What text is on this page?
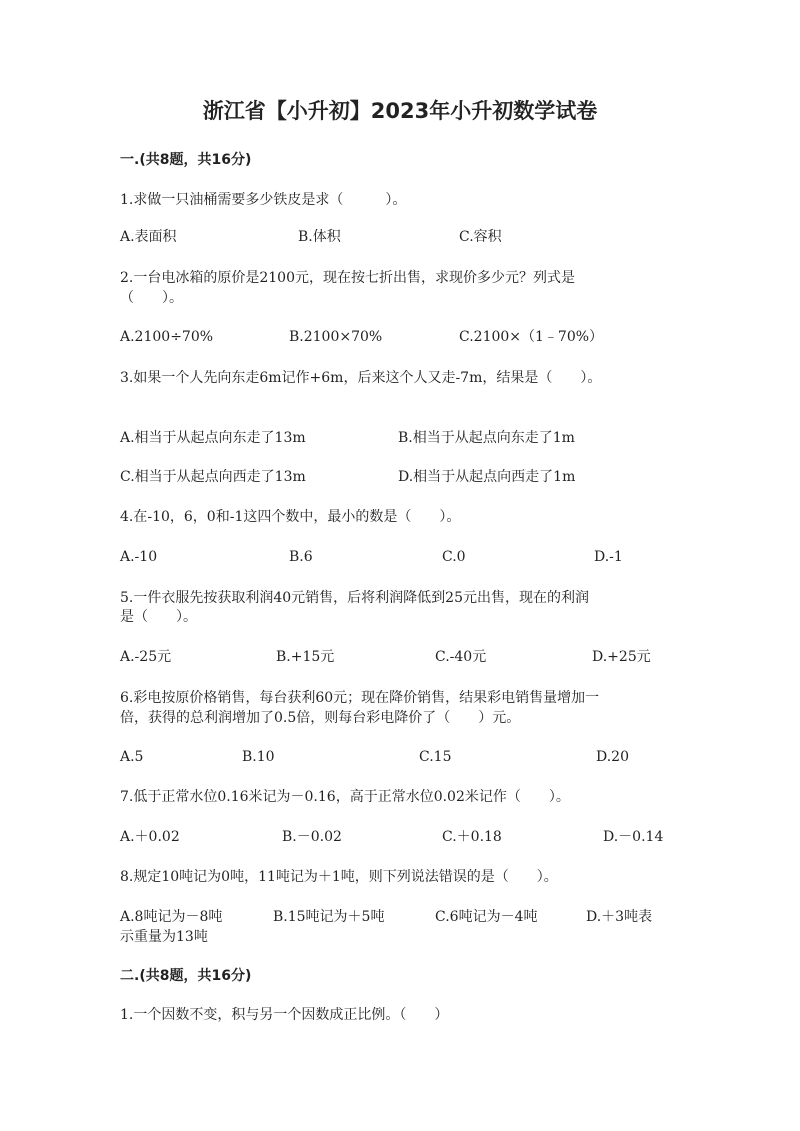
浙江省【小升初】2023年小升初数学试卷
一.(共8题，共16分)
1.求做一只油桶需要多少铁皮是求（　　　）。
A.表面积	B.体积	C.容积
2.一台电冰箱的原价是2100元，现在按七折出售，求现价多少元？列式是
（　　）。
A.2100÷70%	B.2100×70%	C.2100×（1﹣70%）
3.如果一个人先向东走6m记作+6m，后来这个人又走-7m，结果是（　　）。
A.相当于从起点向东走了13m	B.相当于从起点向东走了1m
C.相当于从起点向西走了13m	D.相当于从起点向西走了1m
4.在-10，6，0和-1这四个数中，最小的数是（　　）。
A.-10	B.6	C.0	D.-1
5.一件衣服先按获取利润40元销售，后将利润降低到25元出售，现在的利润
是（　　）。
A.-25元	B.+15元	C.-40元	D.+25元
6.彩电按原价格销售，每台获利60元；现在降价销售，结果彩电销售量增加一
倍，获得的总利润增加了0.5倍，则每台彩电降价了（　　）元。
A.5	B.10	C.15	D.20
7.低于正常水位0.16米记为－0.16，高于正常水位0.02米记作（　　）。
A.＋0.02	B.－0.02	C.＋0.18	D.－0.14
8.规定10吨记为0吨，11吨记为＋1吨，则下列说法错误的是（　　）。
A.8吨记为－8吨	B.15吨记为＋5吨	C.6吨记为－4吨	D.＋3吨表
示重量为13吨
二.(共8题，共16分)
1.一个因数不变，积与另一个因数成正比例。（　　）
